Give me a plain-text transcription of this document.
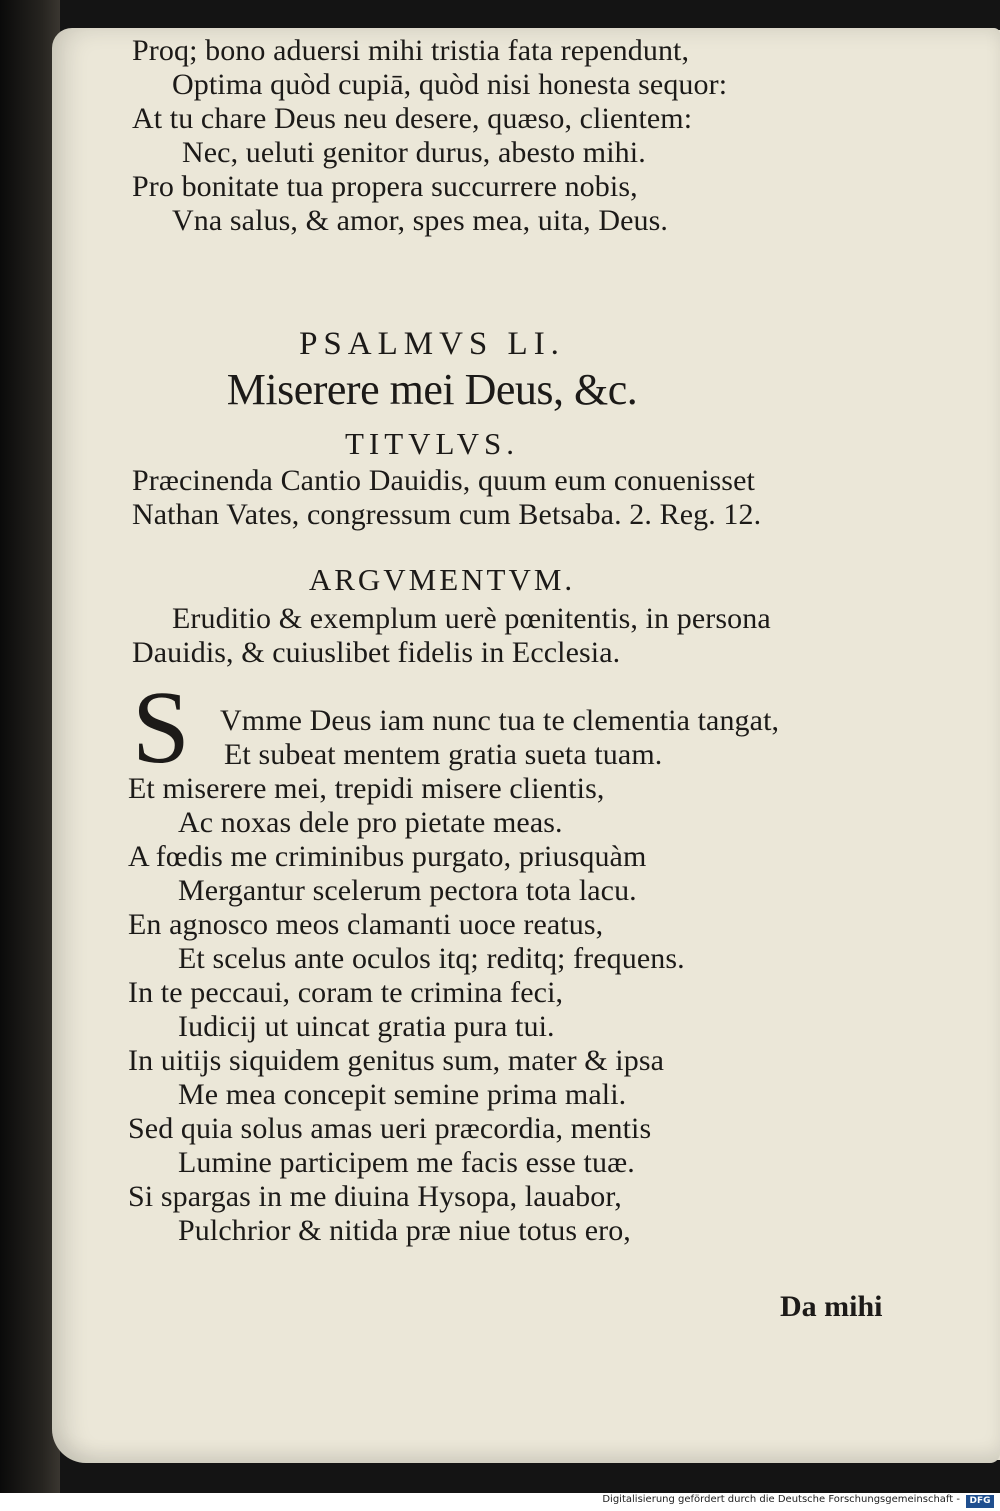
Proq; bono aduersi mihi tristia fata rependunt,
Optima quòd cupiā, quòd nisi honesta sequor:
At tu chare Deus neu desere, quæso, clientem:
Nec, ueluti genitor durus, abesto mihi.
Pro bonitate tua propera succurrere nobis,
Vna salus, & amor, spes mea, uita, Deus.
PSALMVS LI.
Miserere mei Deus, &c.
TITVLVS.
Præcinenda Cantio Dauidis, quum eum conuenisset
Nathan Vates, congressum cum Betsaba. 2. Reg. 12.
ARGVMENTVM.
Eruditio & exemplum uerè pœnitentis, in persona
Dauidis, & cuiuslibet fidelis in Ecclesia.
S Vmme Deus iam nunc tua te clementia tangat,
Et subeat mentem gratia sueta tuam.
Et miserere mei, trepidi misere clientis,
Ac noxas dele pro pietate meas.
A fœdis me criminibus purgato, priusquàm
Mergantur scelerum pectora tota lacu.
En agnosco meos clamanti uoce reatus,
Et scelus ante oculos itq; reditq; frequens.
In te peccaui, coram te crimina feci,
Iudicij ut uincat gratia pura tui.
In uitijs siquidem genitus sum, mater & ipsa
Me mea concepit semine prima mali.
Sed quia solus amas ueri præcordia, mentis
Lumine participem me facis esse tuæ.
Si spargas in me diuina Hysopa, lauabor,
Pulchrior & nitida præ niue totus ero,
Da mihi
Digitalisierung gefördert durch die Deutsche Forschungsgemeinschaft -	DFG
